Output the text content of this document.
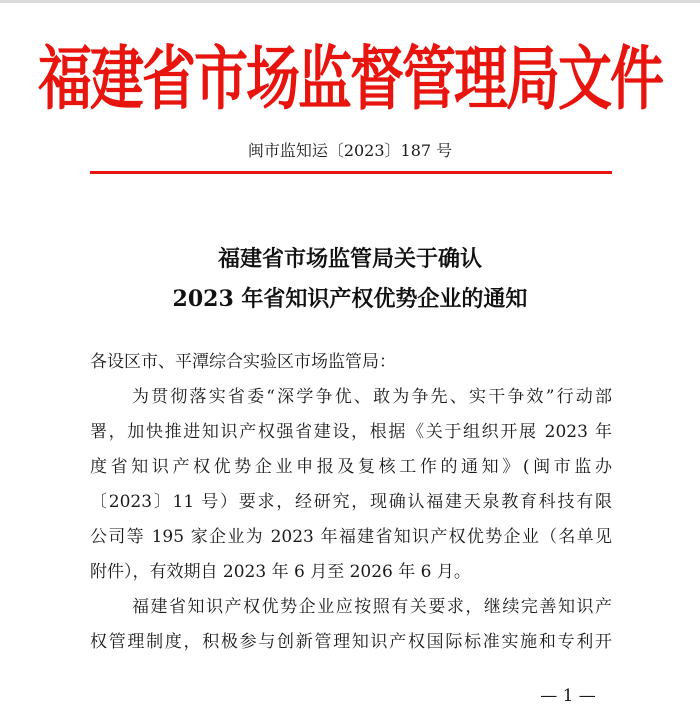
福建省市场监督管理局文件
闽市监知运〔2023〕187 号
福建省市场监管局关于确认
2023 年省知识产权优势企业的通知
各设区市、平潭综合实验区市场监管局：
为贯彻落实省委“深学争优、敢为争先、实干争效”行动部
署，加快推进知识产权强省建设，根据《关于组织开展 2023 年
度省知识产权优势企业申报及复核工作的通知》(闽市监办
〔2023〕11 号）要求，经研究，现确认福建天泉教育科技有限
公司等 195 家企业为 2023 年福建省知识产权优势企业（名单见
附件），有效期自 2023 年 6 月至 2026 年 6 月。
福建省知识产权优势企业应按照有关要求，继续完善知识产
权管理制度，积极参与创新管理知识产权国际标准实施和专利开
— 1 —
